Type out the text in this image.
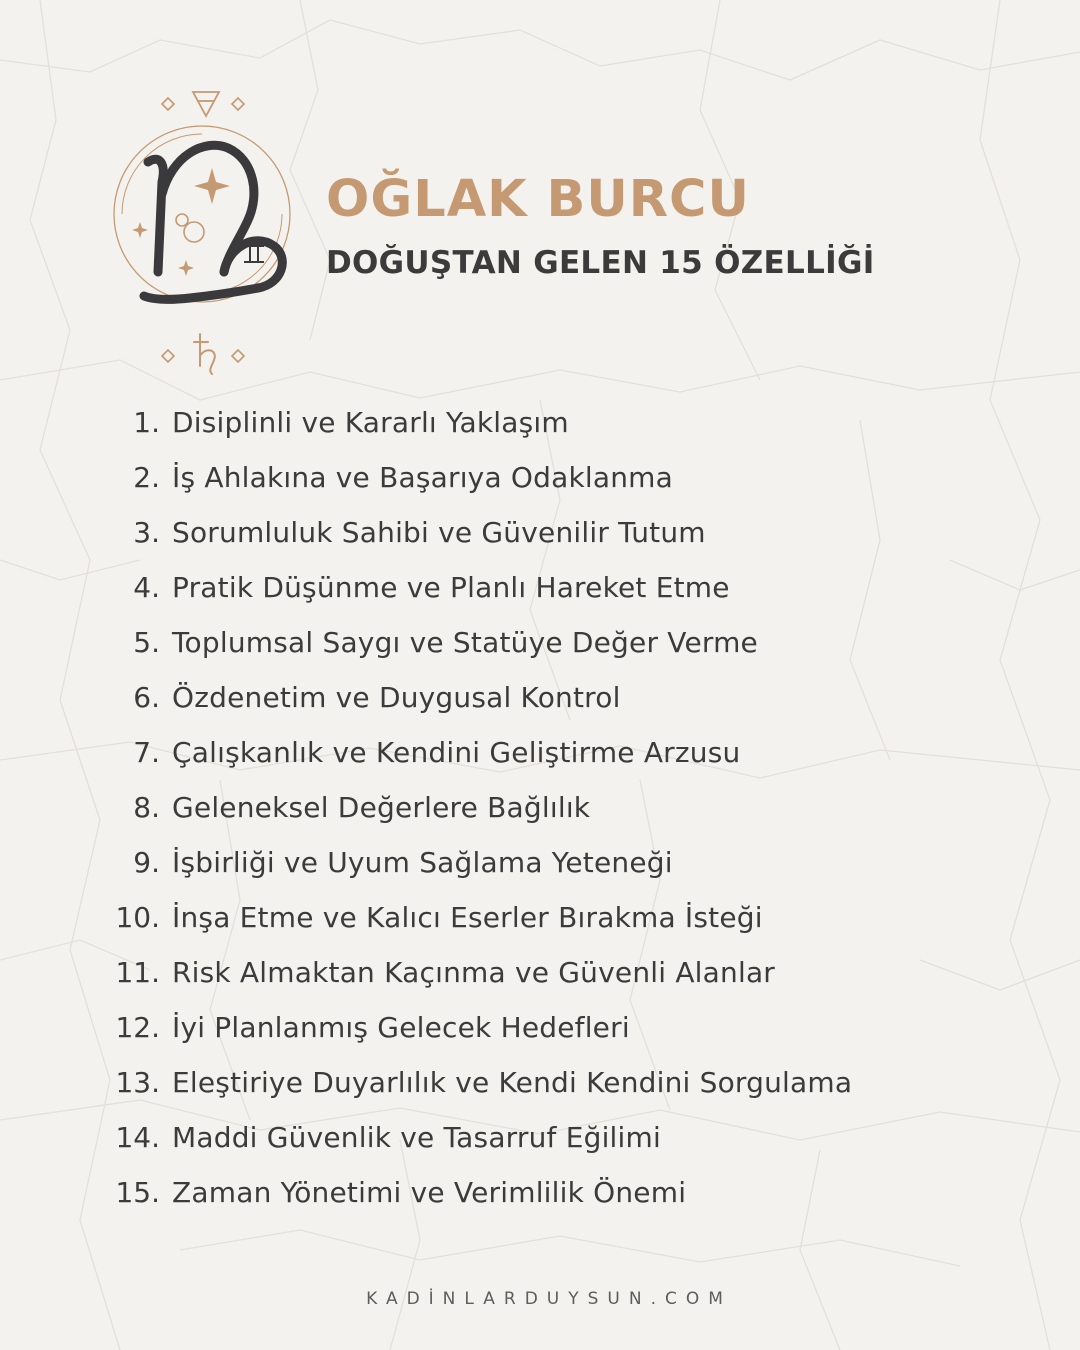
OĞLAK BURCU
DOĞUŞTAN GELEN 15 ÖZELLİĞİ
1. Disiplinli ve Kararlı Yaklaşım
2. İş Ahlakına ve Başarıya Odaklanma
3. Sorumluluk Sahibi ve Güvenilir Tutum
4. Pratik Düşünme ve Planlı Hareket Etme
5. Toplumsal Saygı ve Statüye Değer Verme
6. Özdenetim ve Duygusal Kontrol
7. Çalışkanlık ve Kendini Geliştirme Arzusu
8. Geleneksel Değerlere Bağlılık
9. İşbirliği ve Uyum Sağlama Yeteneği
10. İnşa Etme ve Kalıcı Eserler Bırakma İsteği
11. Risk Almaktan Kaçınma ve Güvenli Alanlar
12. İyi Planlanmış Gelecek Hedefleri
13. Eleştiriye Duyarlılık ve Kendi Kendini Sorgulama
14. Maddi Güvenlik ve Tasarruf Eğilimi
15. Zaman Yönetimi ve Verimlilik Önemi
KADİNLARDUYSUN.COM
